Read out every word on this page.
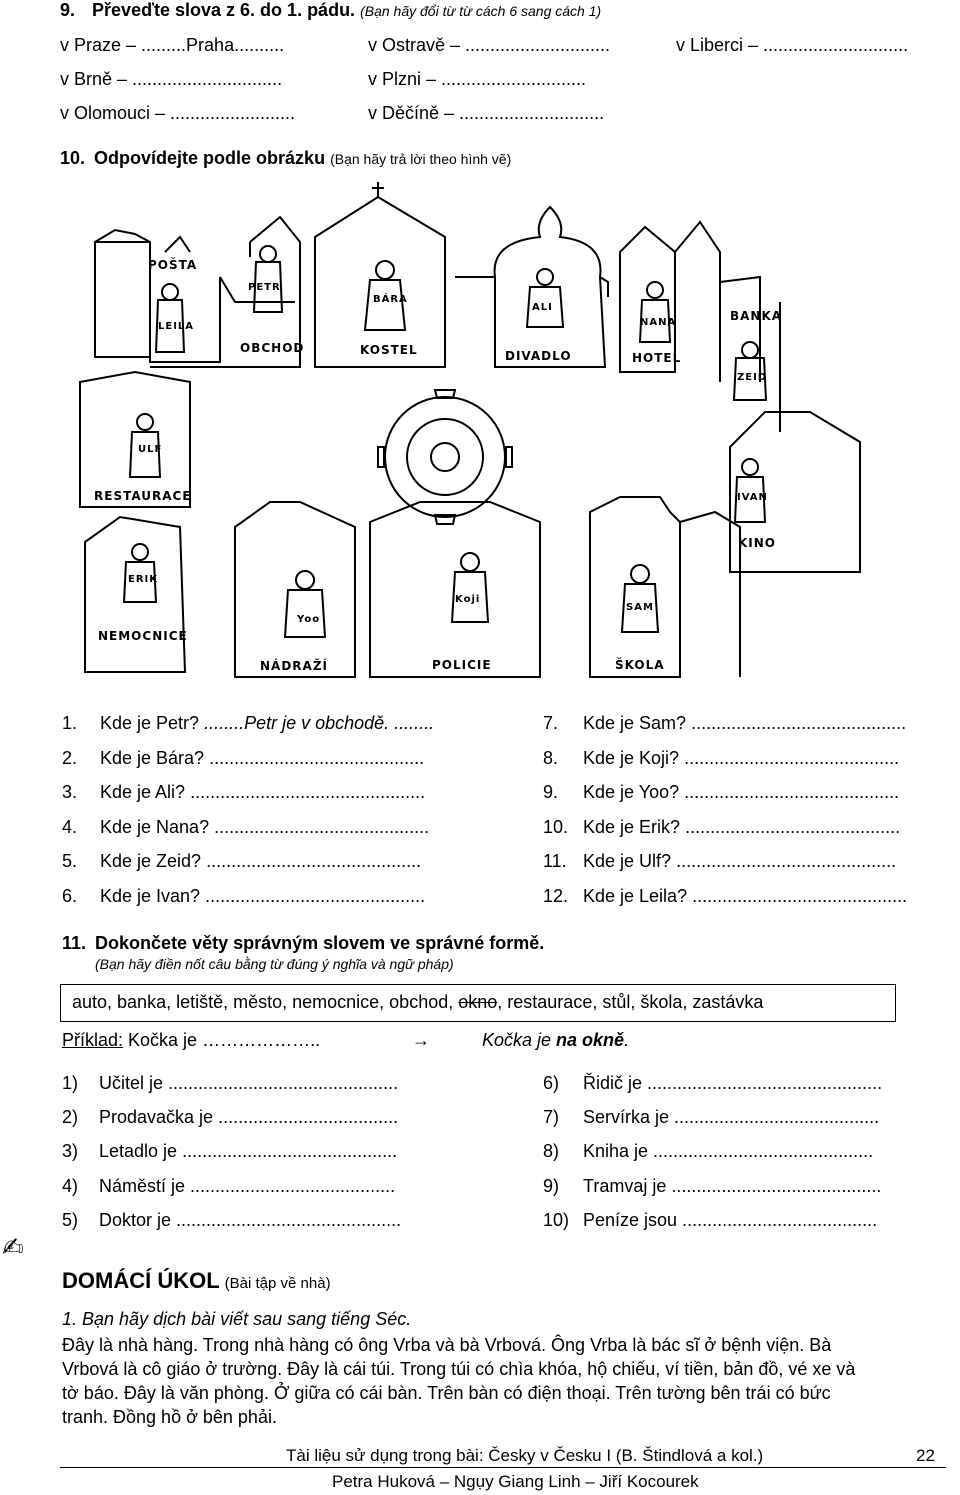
9. Převeďte slova z 6. do 1. pádu. (Bạn hãy đổi từ từ cách 6 sang cách 1)
v Praze – .........Praha..........	v Ostravě – .............................	v Liberci – .............................
v Brně – ..............................	v Plzni – .............................
v Olomouci – .........................	v Děčíně – .............................
10. Odpovídejte podle obrázku (Bạn hãy trả lời theo hình vẽ)
POŠTA
OBCHOD
LEILA
PETR
BÁRA
KOSTEL
ALI
DIVADLO
NANA
HOTEL
BANKA
ZEID
ULF
RESTAURACE	IVAN
KINO
ERIK
NEMOCNICE
Yoo
NÁDRAŽÍ
Koji
POLICIE
SAM
ŠKOLA
1. Kde je Petr? ........Petr je v obchodě. ........
2. Kde je Bára? ...........................................
3. Kde je Ali? ...............................................
4. Kde je Nana? ...........................................
5. Kde je Zeid? ...........................................
6. Kde je Ivan? ............................................
7. Kde je Sam? ...........................................
8. Kde je Koji? ...........................................
9. Kde je Yoo? ...........................................
10. Kde je Erik? ...........................................
11. Kde je Ulf? ............................................
12. Kde je Leila? ...........................................
11. Dokončete věty správným slovem ve správné formě.
(Bạn hãy điền nốt câu bằng từ đúng ý nghĩa và ngữ pháp)
auto, banka, letiště, město, nemocnice, obchod, okno, restaurace, stůl, škola, zastávka
Příklad: Kočka je ………………..	→	Kočka je na okně.
1) Učitel je ..............................................
2) Prodavačka je ....................................
3) Letadlo je ...........................................
4) Náměstí je .........................................
5) Doktor je .............................................
6) Řidič je ...............................................
7) Servírka je .........................................
8) Kniha je ............................................
9) Tramvaj je ..........................................
10) Peníze jsou .......................................
✍
DOMÁCÍ ÚKOL (Bài tập về nhà)
1. Bạn hãy dịch bài viết sau sang tiếng Séc.
Đây là nhà hàng. Trong nhà hàng có ông Vrba và bà Vrbová. Ông Vrba là bác sĩ ở bệnh viện. Bà
Vrbová là cô giáo ở trường. Đây là cái túi. Trong túi có chìa khóa, hộ chiếu, ví tiền, bản đồ, vé xe và
tờ báo. Đây là văn phòng. Ở giữa có cái bàn. Trên bàn có điện thoại. Trên tường bên trái có bức
tranh. Đồng hồ ở bên phải.
Tài liệu sử dụng trong bài: Česky v Česku I (B. Štindlová a kol.)	22
Petra Huková – Ngụy Giang Linh – Jiří Kocourek
